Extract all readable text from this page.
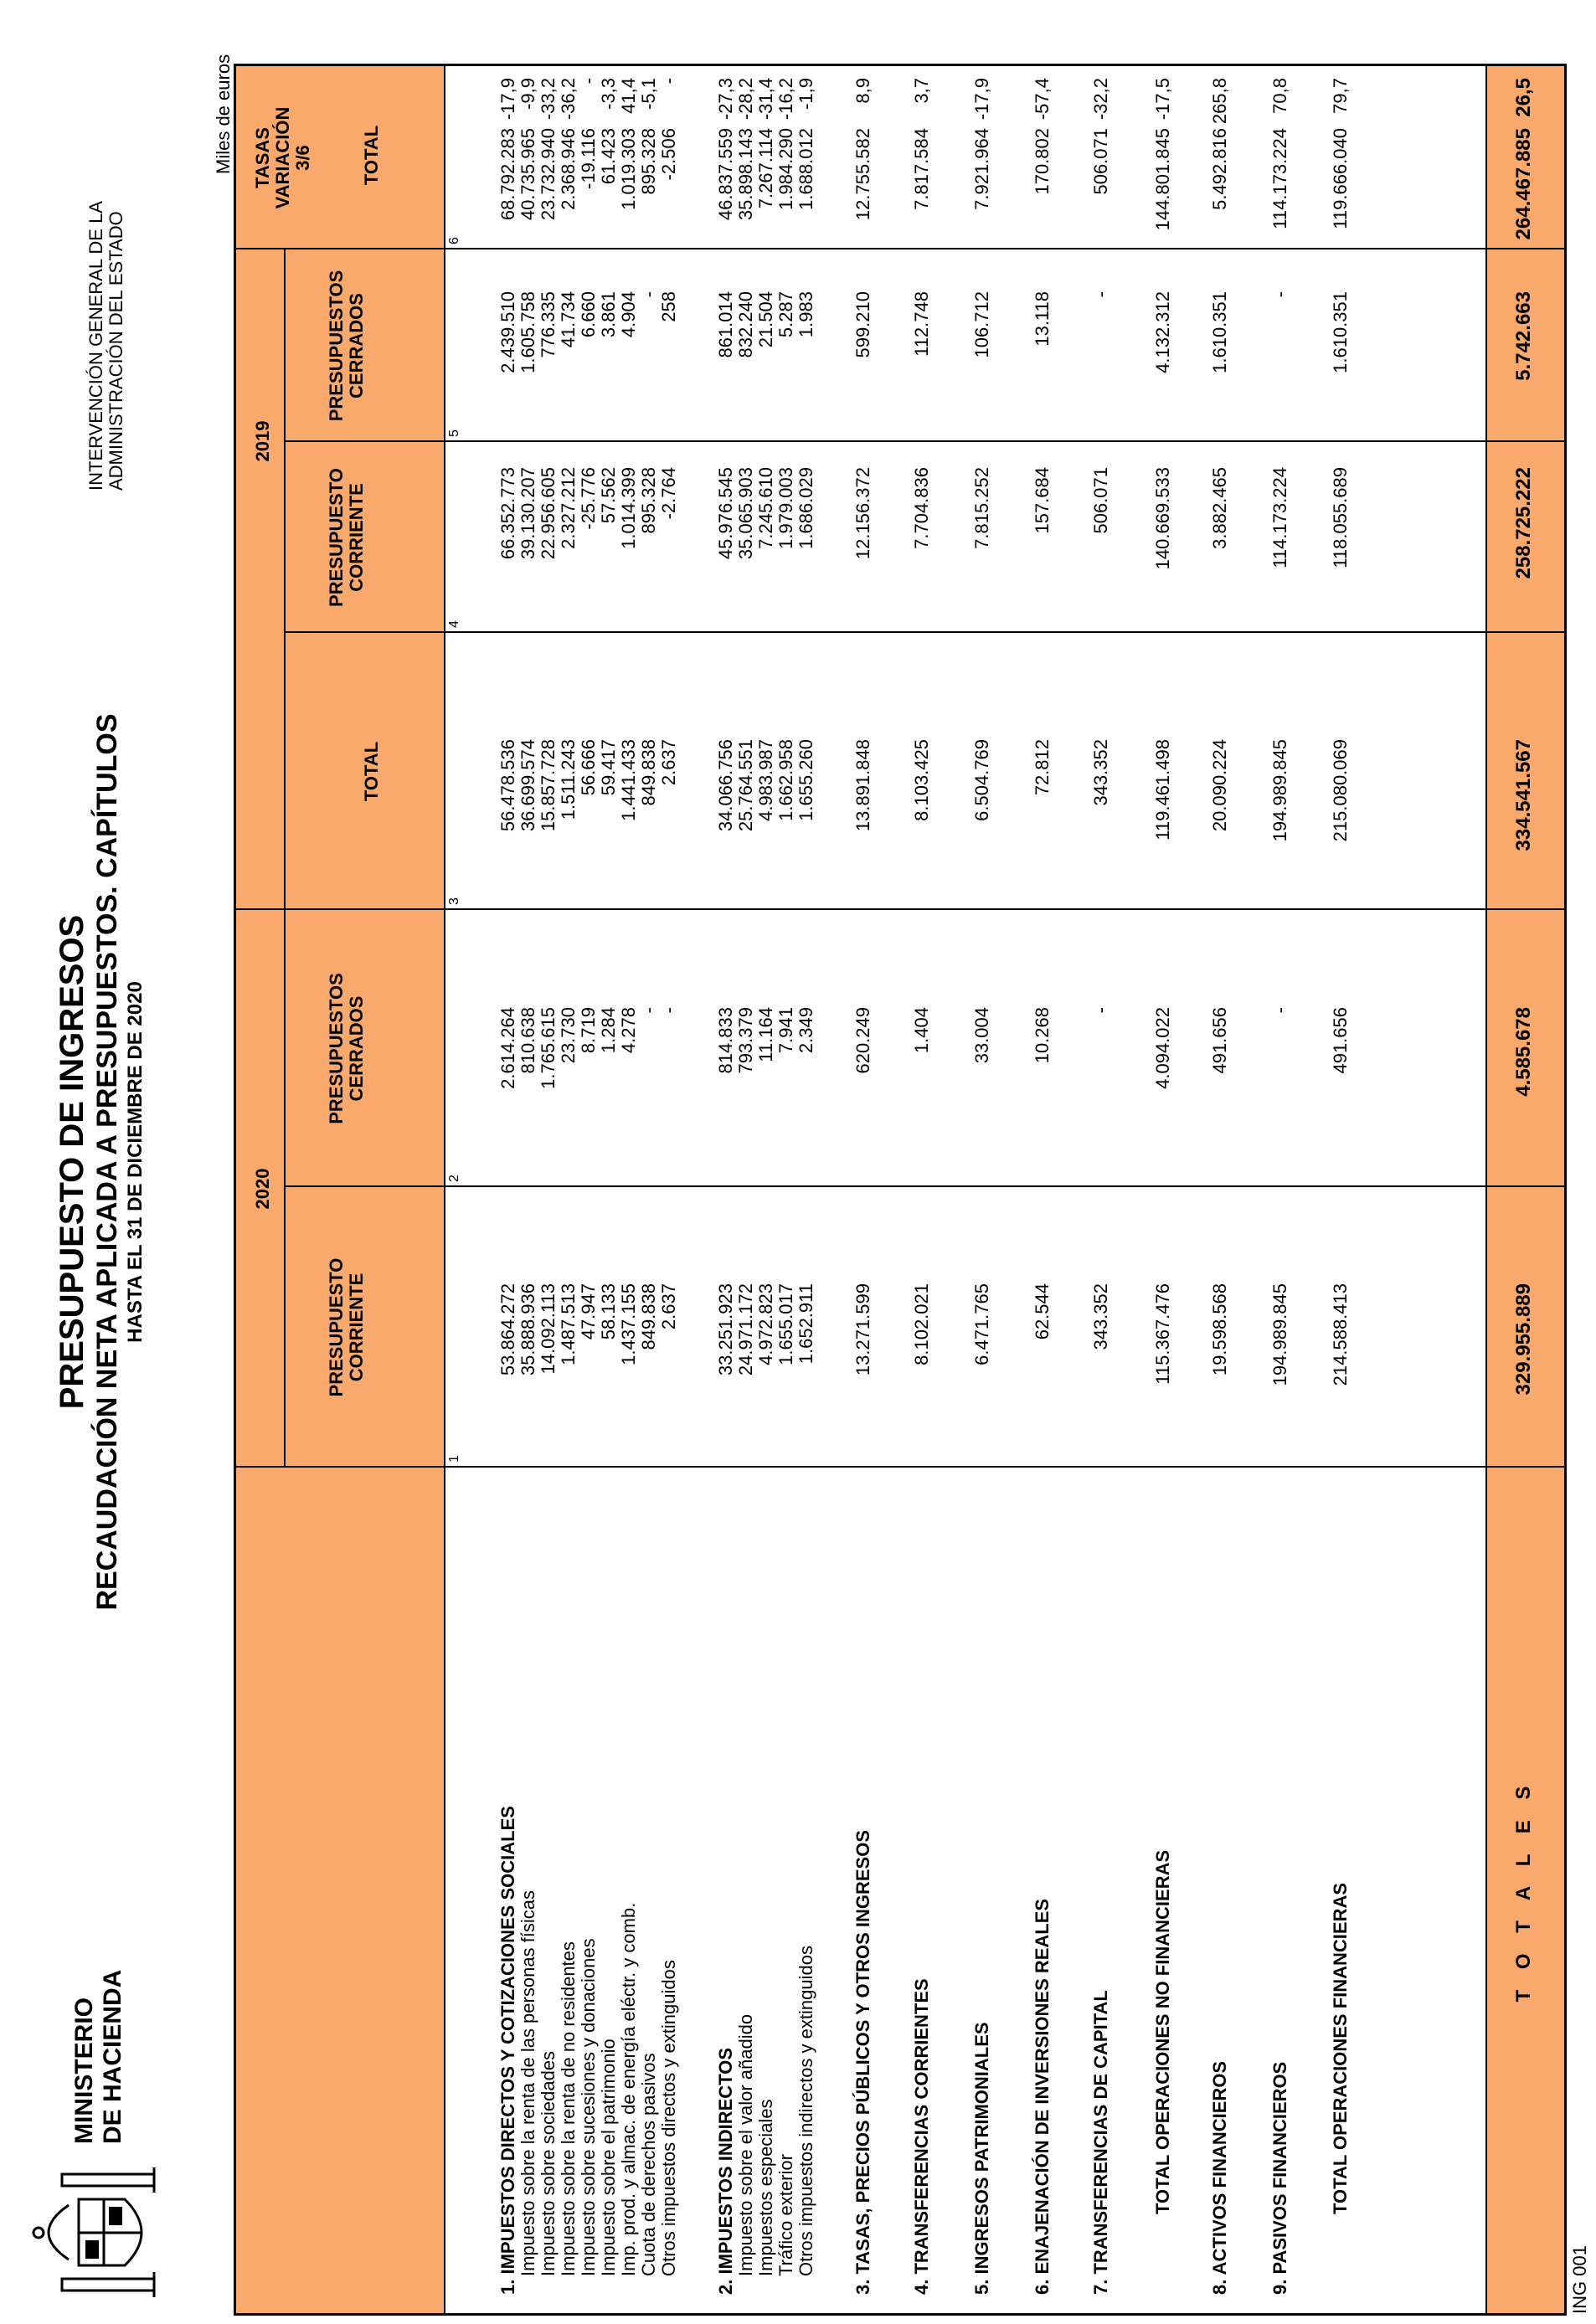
MINISTERIO DE HACIENDA
PRESUPUESTO DE INGRESOS RECAUDACIÓN NETA APLICADA A PRESUPUESTOS. CAPÍTULOS HASTA EL 31 DE DICIEMBRE DE 2020
INTERVENCIÓN GENERAL DE LA ADMINISTRACIÓN DEL ESTADO
Miles de euros
ING 001
2020
2019
PRESUPUESTO CORRIENTE
PRESUPUESTOS CERRADOS
TOTAL
PRESUPUESTO CORRIENTE
PRESUPUESTOS CERRADOS
TOTAL
TASAS VARIACIÓN 3/6
1
2
3
4
5
6
1. IMPUESTOS DIRECTOS Y COTIZACIONES SOCIALES
53.864.272
2.614.264
56.478.536
66.352.773
2.439.510
68.792.283
-17,9
Impuesto sobre la renta de las personas físicas
35.888.936
810.638
36.699.574
39.130.207
1.605.758
40.735.965
-9,9
Impuesto sobre sociedades
14.092.113
1.765.615
15.857.728
22.956.605
776.335
23.732.940
-33,2
Impuesto sobre la renta de no residentes
1.487.513
23.730
1.511.243
2.327.212
41.734
2.368.946
-36,2
Impuesto sobre sucesiones y donaciones
47.947
8.719
56.666
-25.776
6.660
-19.116
-
Impuesto sobre el patrimonio
58.133
1.284
59.417
57.562
3.861
61.423
-3,3
Imp. prod. y almac. de energía eléctr. y comb.
1.437.155
4.278
1.441.433
1.014.399
4.904
1.019.303
41,4
Cuota de derechos pasivos
849.838
-
849.838
895.328
-
895.328
-5,1
Otros impuestos directos y extinguidos
2.637
-
2.637
-2.764
258
-2.506
-
2. IMPUESTOS INDIRECTOS
33.251.923
814.833
34.066.756
45.976.545
861.014
46.837.559
-27,3
Impuesto sobre el valor añadido
24.971.172
793.379
25.764.551
35.065.903
832.240
35.898.143
-28,2
Impuestos especiales
4.972.823
11.164
4.983.987
7.245.610
21.504
7.267.114
-31,4
Tráfico exterior
1.655.017
7.941
1.662.958
1.979.003
5.287
1.984.290
-16,2
Otros impuestos indirectos y extinguidos
1.652.911
2.349
1.655.260
1.686.029
1.983
1.688.012
-1,9
3. TASAS, PRECIOS PÚBLICOS Y OTROS INGRESOS
13.271.599
620.249
13.891.848
12.156.372
599.210
12.755.582
8,9
4. TRANSFERENCIAS CORRIENTES
8.102.021
1.404
8.103.425
7.704.836
112.748
7.817.584
3,7
5. INGRESOS PATRIMONIALES
6.471.765
33.004
6.504.769
7.815.252
106.712
7.921.964
-17,9
6. ENAJENACIÓN DE INVERSIONES REALES
62.544
10.268
72.812
157.684
13.118
170.802
-57,4
7. TRANSFERENCIAS DE CAPITAL
343.352
-
343.352
506.071
-
506.071
-32,2
TOTAL OPERACIONES NO FINANCIERAS
115.367.476
4.094.022
119.461.498
140.669.533
4.132.312
144.801.845
-17,5
8. ACTIVOS FINANCIEROS
19.598.568
491.656
20.090.224
3.882.465
1.610.351
5.492.816
265,8
9. PASIVOS FINANCIEROS
194.989.845
-
194.989.845
114.173.224
-
114.173.224
70,8
TOTAL OPERACIONES FINANCIERAS
214.588.413
491.656
215.080.069
118.055.689
1.610.351
119.666.040
79,7
T O T A L E S
329.955.889
4.585.678
334.541.567
258.725.222
5.742.663
264.467.885
26,5
